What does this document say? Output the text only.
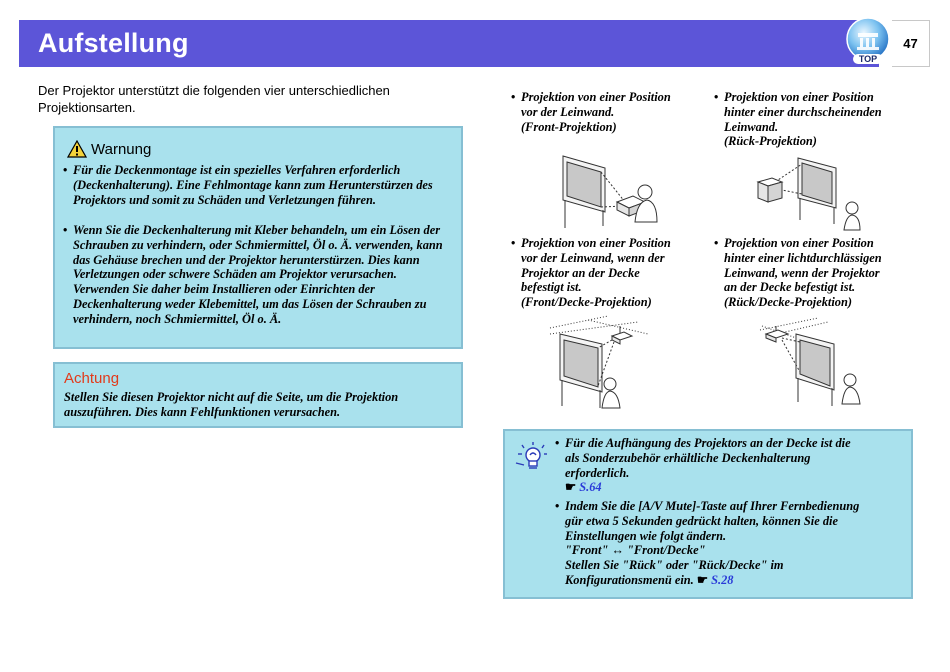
Aufstellung
TOP
47
Der Projektor unterstützt die folgenden vier unterschiedlichen Projektionsarten.
Warnung
• Für die Deckenmontage ist ein spezielles Verfahren erforderlich (Deckenhalterung). Eine Fehlmontage kann zum Herunterstürzen des Projektors und somit zu Schäden und Verletzungen führen.
• Wenn Sie die Deckenhalterung mit Kleber behandeln, um ein Lösen der Schrauben zu verhindern, oder Schmiermittel, Öl o. Ä. verwenden, kann das Gehäuse brechen und der Projektor herunterstürzen. Dies kann Verletzungen oder schwere Schäden am Projektor verursachen.
Verwenden Sie daher beim Installieren oder Einrichten der Deckenhalterung weder Klebemittel, um das Lösen der Schrauben zu verhindern, noch Schmiermittel, Öl o. Ä.
Achtung
Stellen Sie diesen Projektor nicht auf die Seite, um die Projektion auszuführen. Dies kann Fehlfunktionen verursachen.
• Projektion von einer Position
vor der Leinwand.
(Front-Projektion)
• Projektion von einer Position
hinter einer durchscheinenden
Leinwand.
(Rück-Projektion)
• Projektion von einer Position
vor der Leinwand, wenn der
Projektor an der Decke
befestigt ist.
(Front/Decke-Projektion)
• Projektion von einer Position
hinter einer lichtdurchlässigen
Leinwand, wenn der Projektor
an der Decke befestigt ist.
(Rück/Decke-Projektion)
• Für die Aufhängung des Projektors an der Decke ist die
als Sonderzubehör erhältliche Deckenhalterung
erforderlich.
☛ S.64
• Indem Sie die [A/V Mute]-Taste auf Ihrer Fernbedienung
gür etwa 5 Sekunden gedrückt halten, können Sie die
Einstellungen wie folgt ändern.
"Front" ↔ "Front/Decke"
Stellen Sie "Rück" oder "Rück/Decke" im
Konfigurationsmenü ein. ☛ S.28
